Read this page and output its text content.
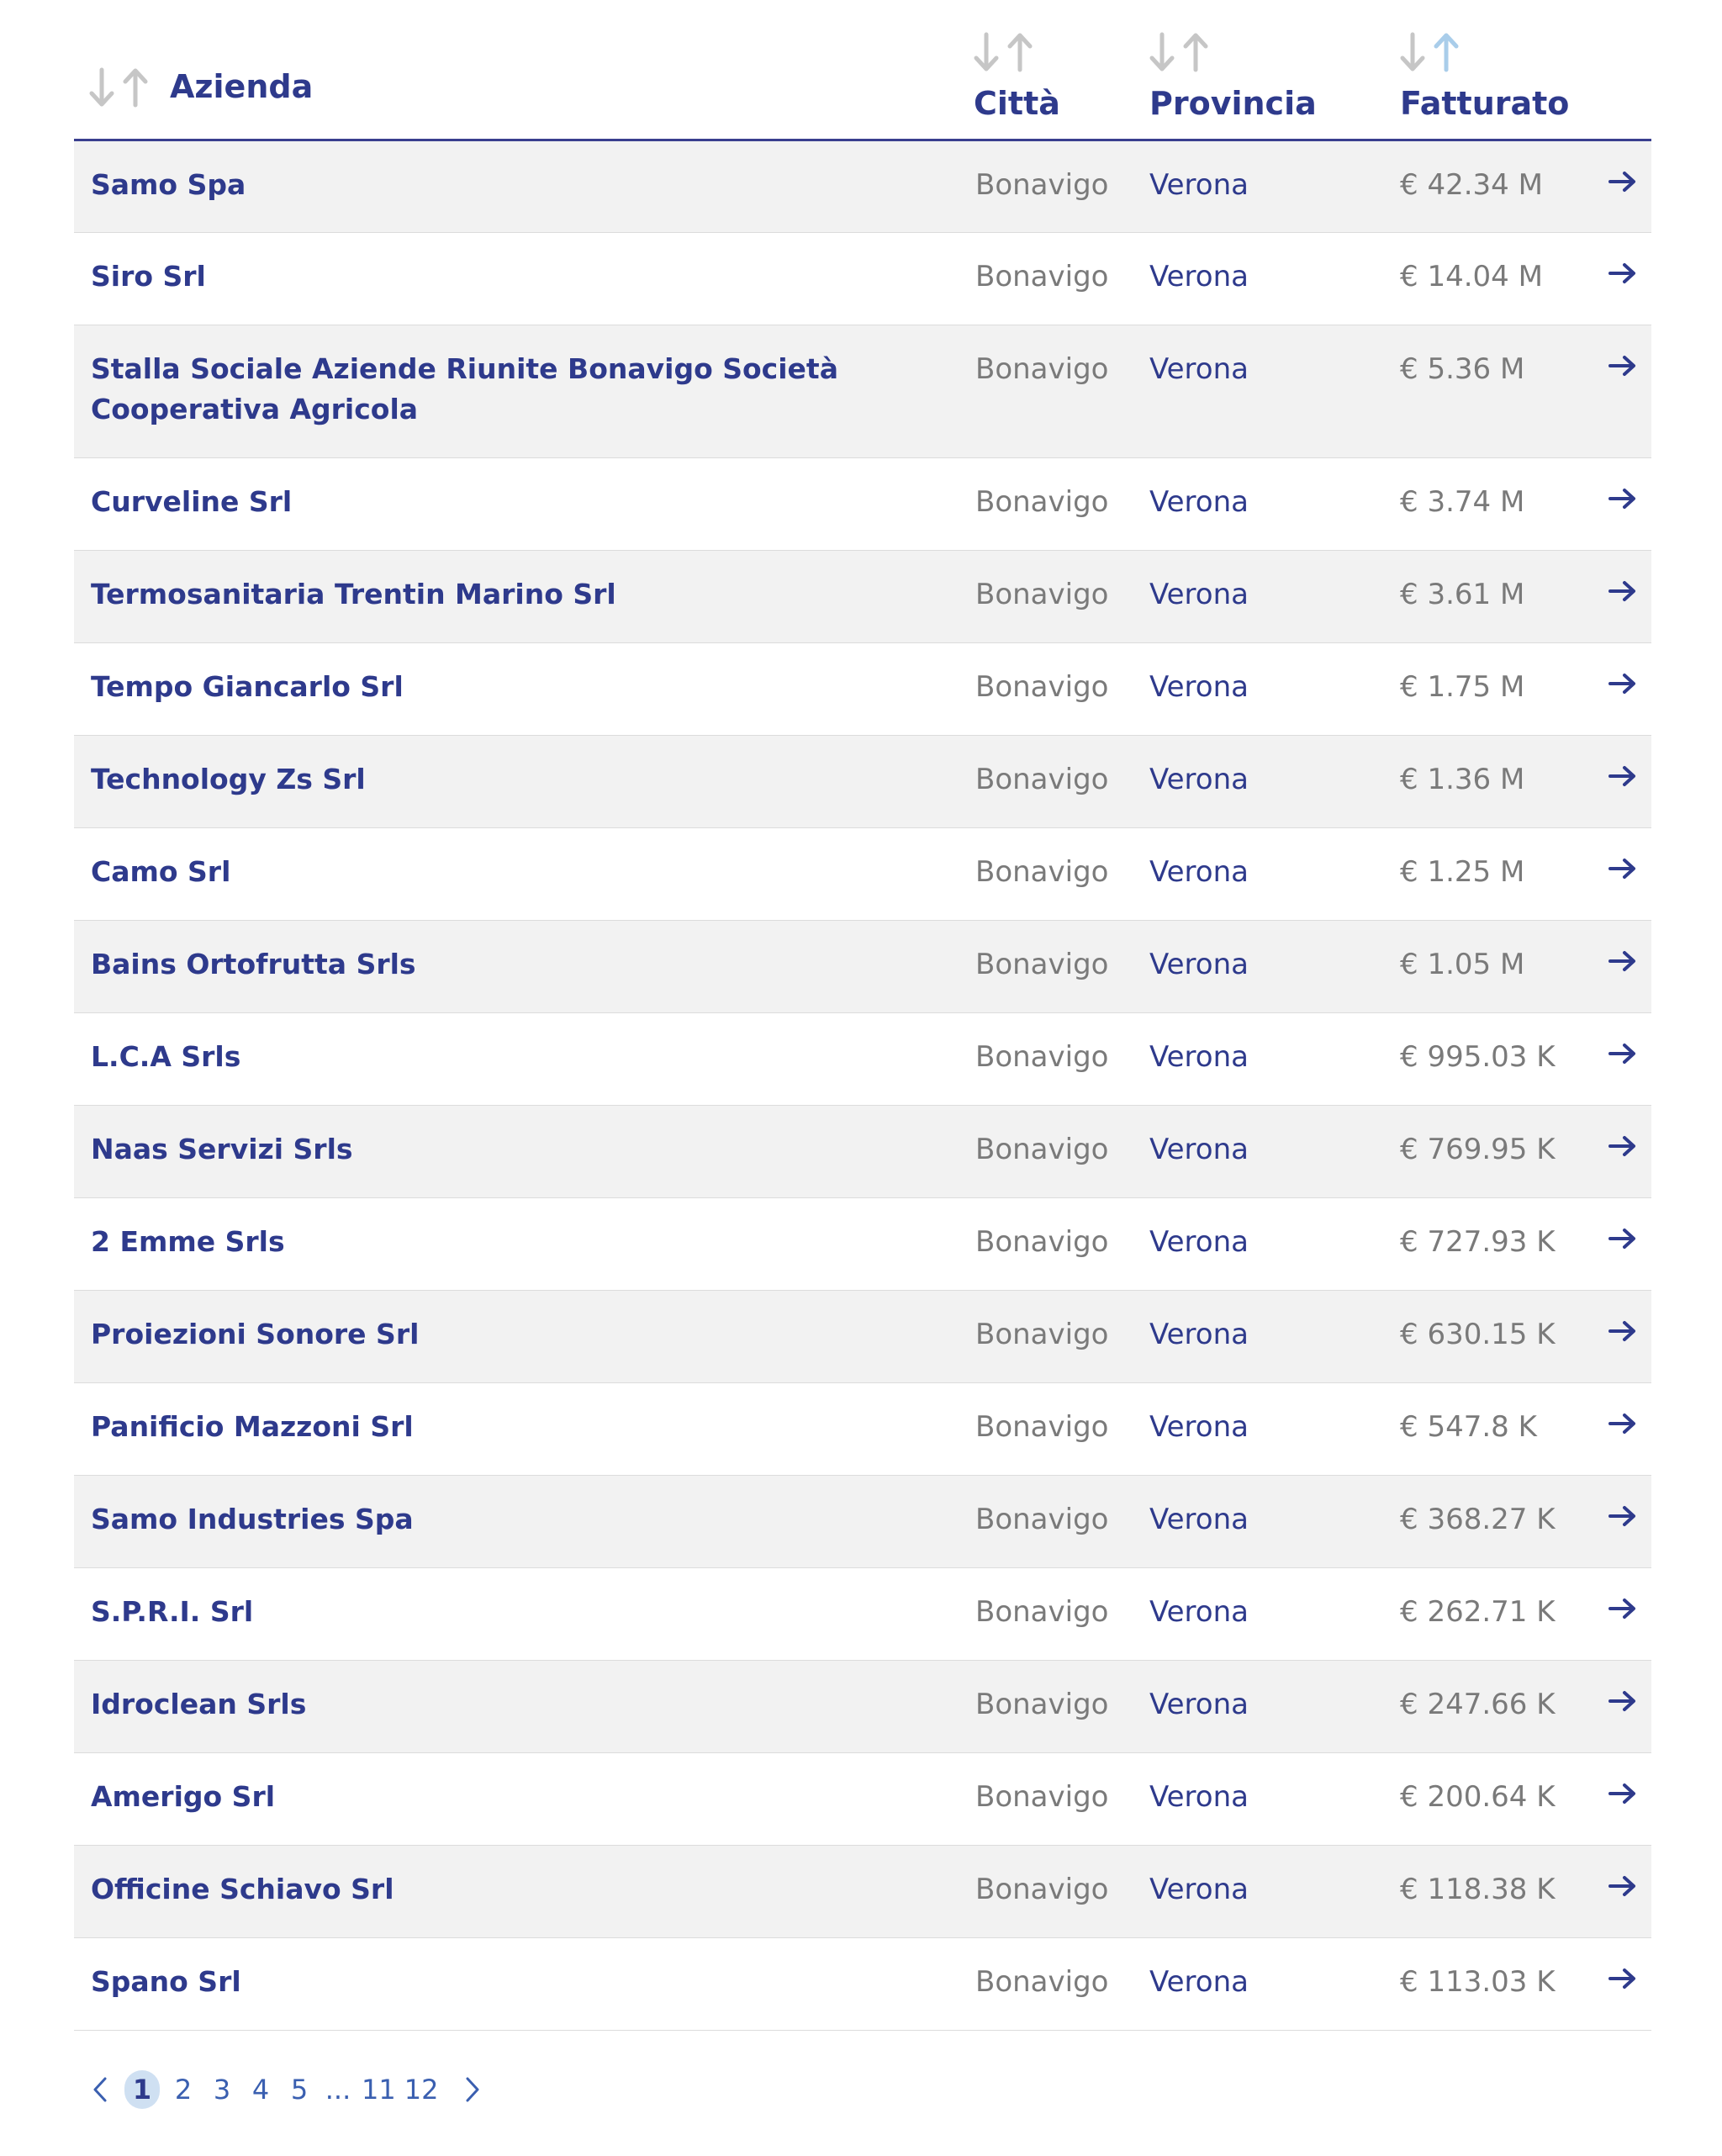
Azienda	Città	Provincia	Fatturato	
Samo Spa	Bonavigo	Verona	€ 42.34 M	
Siro Srl	Bonavigo	Verona	€ 14.04 M	
Stalla Sociale Aziende Riunite Bonavigo Società Cooperativa Agricola	Bonavigo	Verona	€ 5.36 M	
Curveline Srl	Bonavigo	Verona	€ 3.74 M	
Termosanitaria Trentin Marino Srl	Bonavigo	Verona	€ 3.61 M	
Tempo Giancarlo Srl	Bonavigo	Verona	€ 1.75 M	
Technology Zs Srl	Bonavigo	Verona	€ 1.36 M	
Camo Srl	Bonavigo	Verona	€ 1.25 M	
Bains Ortofrutta Srls	Bonavigo	Verona	€ 1.05 M	
L.C.A Srls	Bonavigo	Verona	€ 995.03 K	
Naas Servizi Srls	Bonavigo	Verona	€ 769.95 K	
2 Emme Srls	Bonavigo	Verona	€ 727.93 K	
Proiezioni Sonore Srl	Bonavigo	Verona	€ 630.15 K	
Panificio Mazzoni Srl	Bonavigo	Verona	€ 547.8 K	
Samo Industries Spa	Bonavigo	Verona	€ 368.27 K	
S.P.R.I. Srl	Bonavigo	Verona	€ 262.71 K	
Idroclean Srls	Bonavigo	Verona	€ 247.66 K	
Amerigo Srl	Bonavigo	Verona	€ 200.64 K	
Officine Schiavo Srl	Bonavigo	Verona	€ 118.38 K	
Spano Srl	Bonavigo	Verona	€ 113.03 K	
1 2 3 4 5 ... 11 12
